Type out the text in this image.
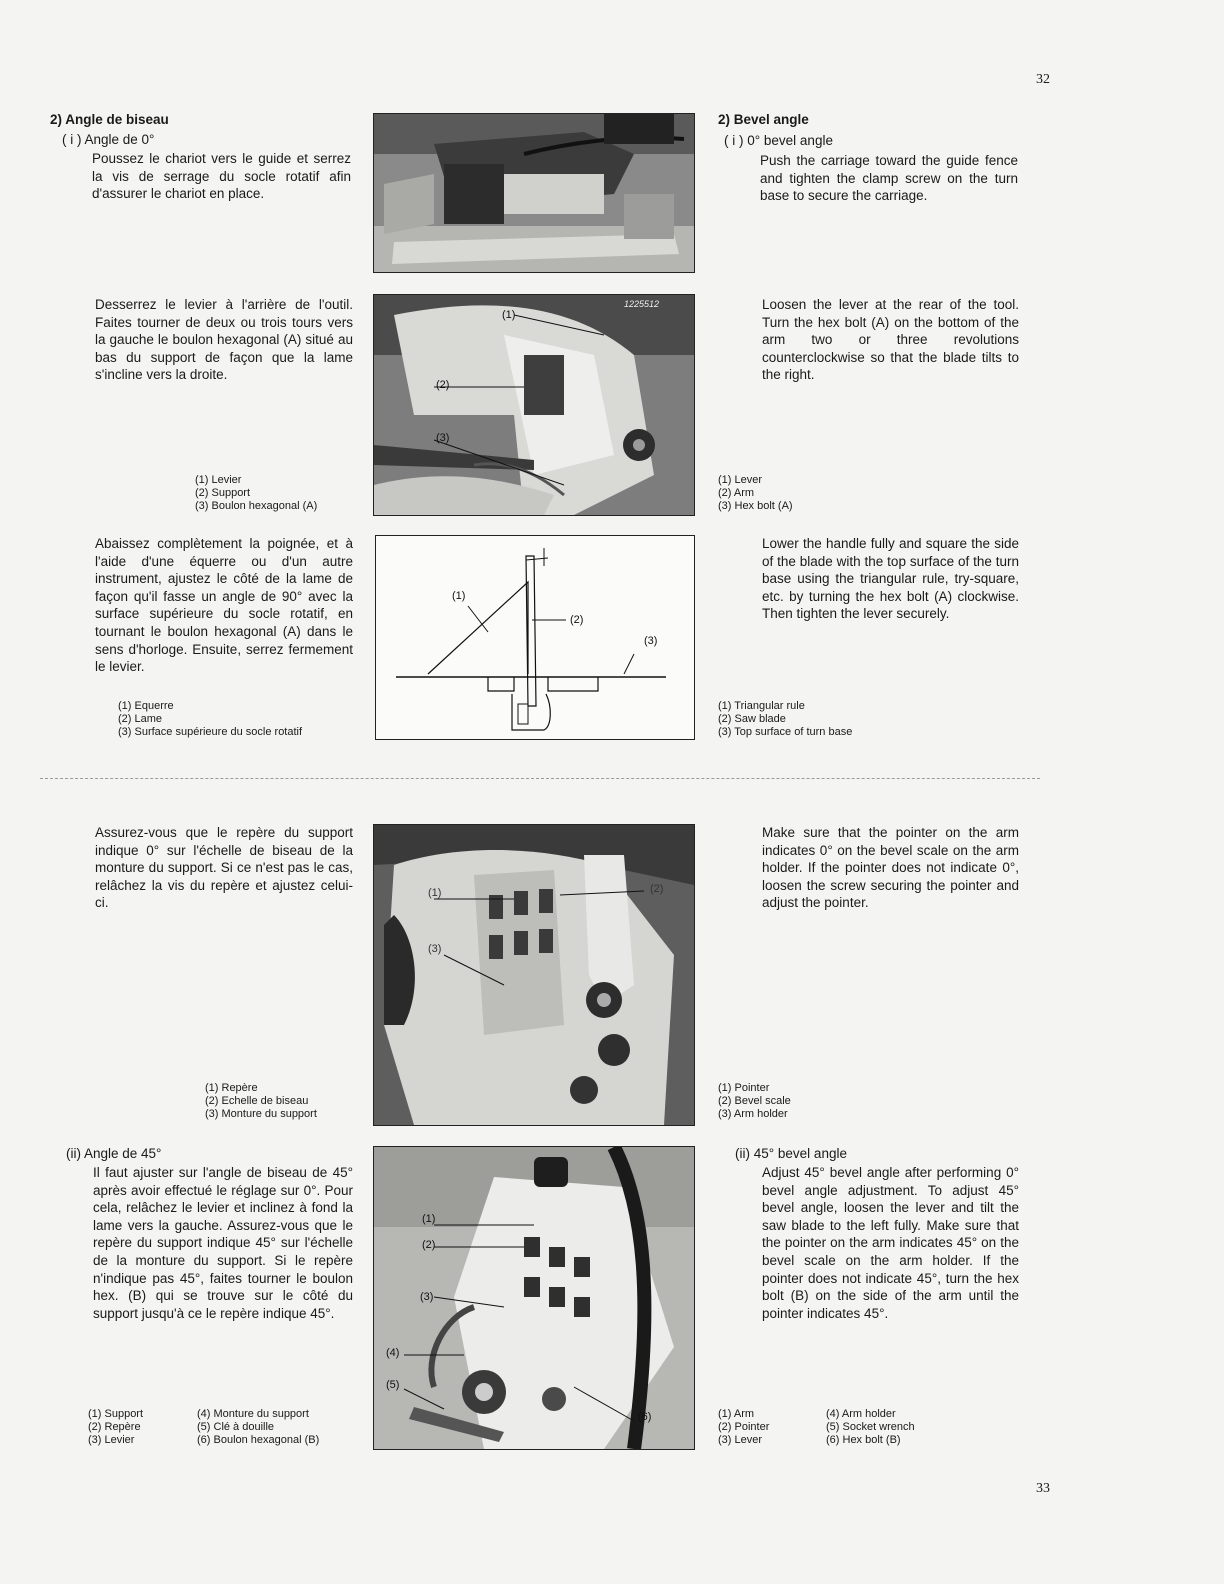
32
33
2) Angle de biseau
( i ) Angle de 0°
Poussez le chariot vers le guide et serrez la vis de serrage du socle rotatif afin d'assurer le chariot en place.
Desserrez le levier à l'arrière de l'outil. Faites tourner de deux ou trois tours vers la gauche le boulon hexagonal (A) situé au bas du support de façon que la lame s'incline vers la droite.
(1) Levier
(2) Support
(3) Boulon hexagonal (A)
Abaissez complètement la poignée, et à l'aide d'une équerre ou d'un autre instrument, ajustez le côté de la lame de façon qu'il fasse un angle de 90° avec la surface supérieure du socle rotatif, en tournant le boulon hexagonal (A) dans le sens d'horloge. Ensuite, serrez fermement le levier.
(1) Equerre
(2) Lame
(3) Surface supérieure du socle rotatif
Assurez-vous que le repère du support indique 0° sur l'échelle de biseau de la monture du support. Si ce n'est pas le cas, relâchez la vis du repère et ajustez celui-ci.
(1) Repère
(2) Echelle de biseau
(3) Monture du support
(ii) Angle de 45°
Il faut ajuster sur l'angle de biseau de 45° après avoir effectué le réglage sur 0°. Pour cela, relâchez le levier et inclinez à fond la lame vers la gauche. Assurez-vous que le repère du support indique 45° sur l'échelle de la monture du support. Si le repère n'indique pas 45°, faites tourner le boulon hex. (B) qui se trouve sur le côté du support jusqu'à ce le repère indique 45°.
(1) Support
(2) Repère
(3) Levier
(4) Monture du support
(5) Clé à douille
(6) Boulon hexagonal (B)
(1)
(2)
(3)
1225512
(1)
(2)
(3)
(1)	(2)
(3)
(1)
(2)
(3)
(4)
(5)
(6)
2) Bevel angle
( i ) 0° bevel angle
Push the carriage toward the guide fence and tighten the clamp screw on the turn base to secure the carriage.
Loosen the lever at the rear of the tool. Turn the hex bolt (A) on the bottom of the arm two or three revolutions counterclockwise so that the blade tilts to the right.
(1) Lever
(2) Arm
(3) Hex bolt (A)
Lower the handle fully and square the side of the blade with the top surface of the turn base using the triangular rule, try-square, etc. by turning the hex bolt (A) clockwise. Then tighten the lever securely.
(1) Triangular rule
(2) Saw blade
(3) Top surface of turn base
Make sure that the pointer on the arm indicates 0° on the bevel scale on the arm holder. If the pointer does not indicate 0°, loosen the screw securing the pointer and adjust the pointer.
(1) Pointer
(2) Bevel scale
(3) Arm holder
(ii) 45° bevel angle
Adjust 45° bevel angle after performing 0° bevel angle adjustment. To adjust 45° bevel angle, loosen the lever and tilt the saw blade to the left fully. Make sure that the pointer on the arm indicates 45° on the bevel scale on the arm holder. If the pointer does not indicate 45°, turn the hex bolt (B) on the side of the arm until the pointer indicates 45°.
(1) Arm
(2) Pointer
(3) Lever
(4) Arm holder
(5) Socket wrench
(6) Hex bolt (B)
